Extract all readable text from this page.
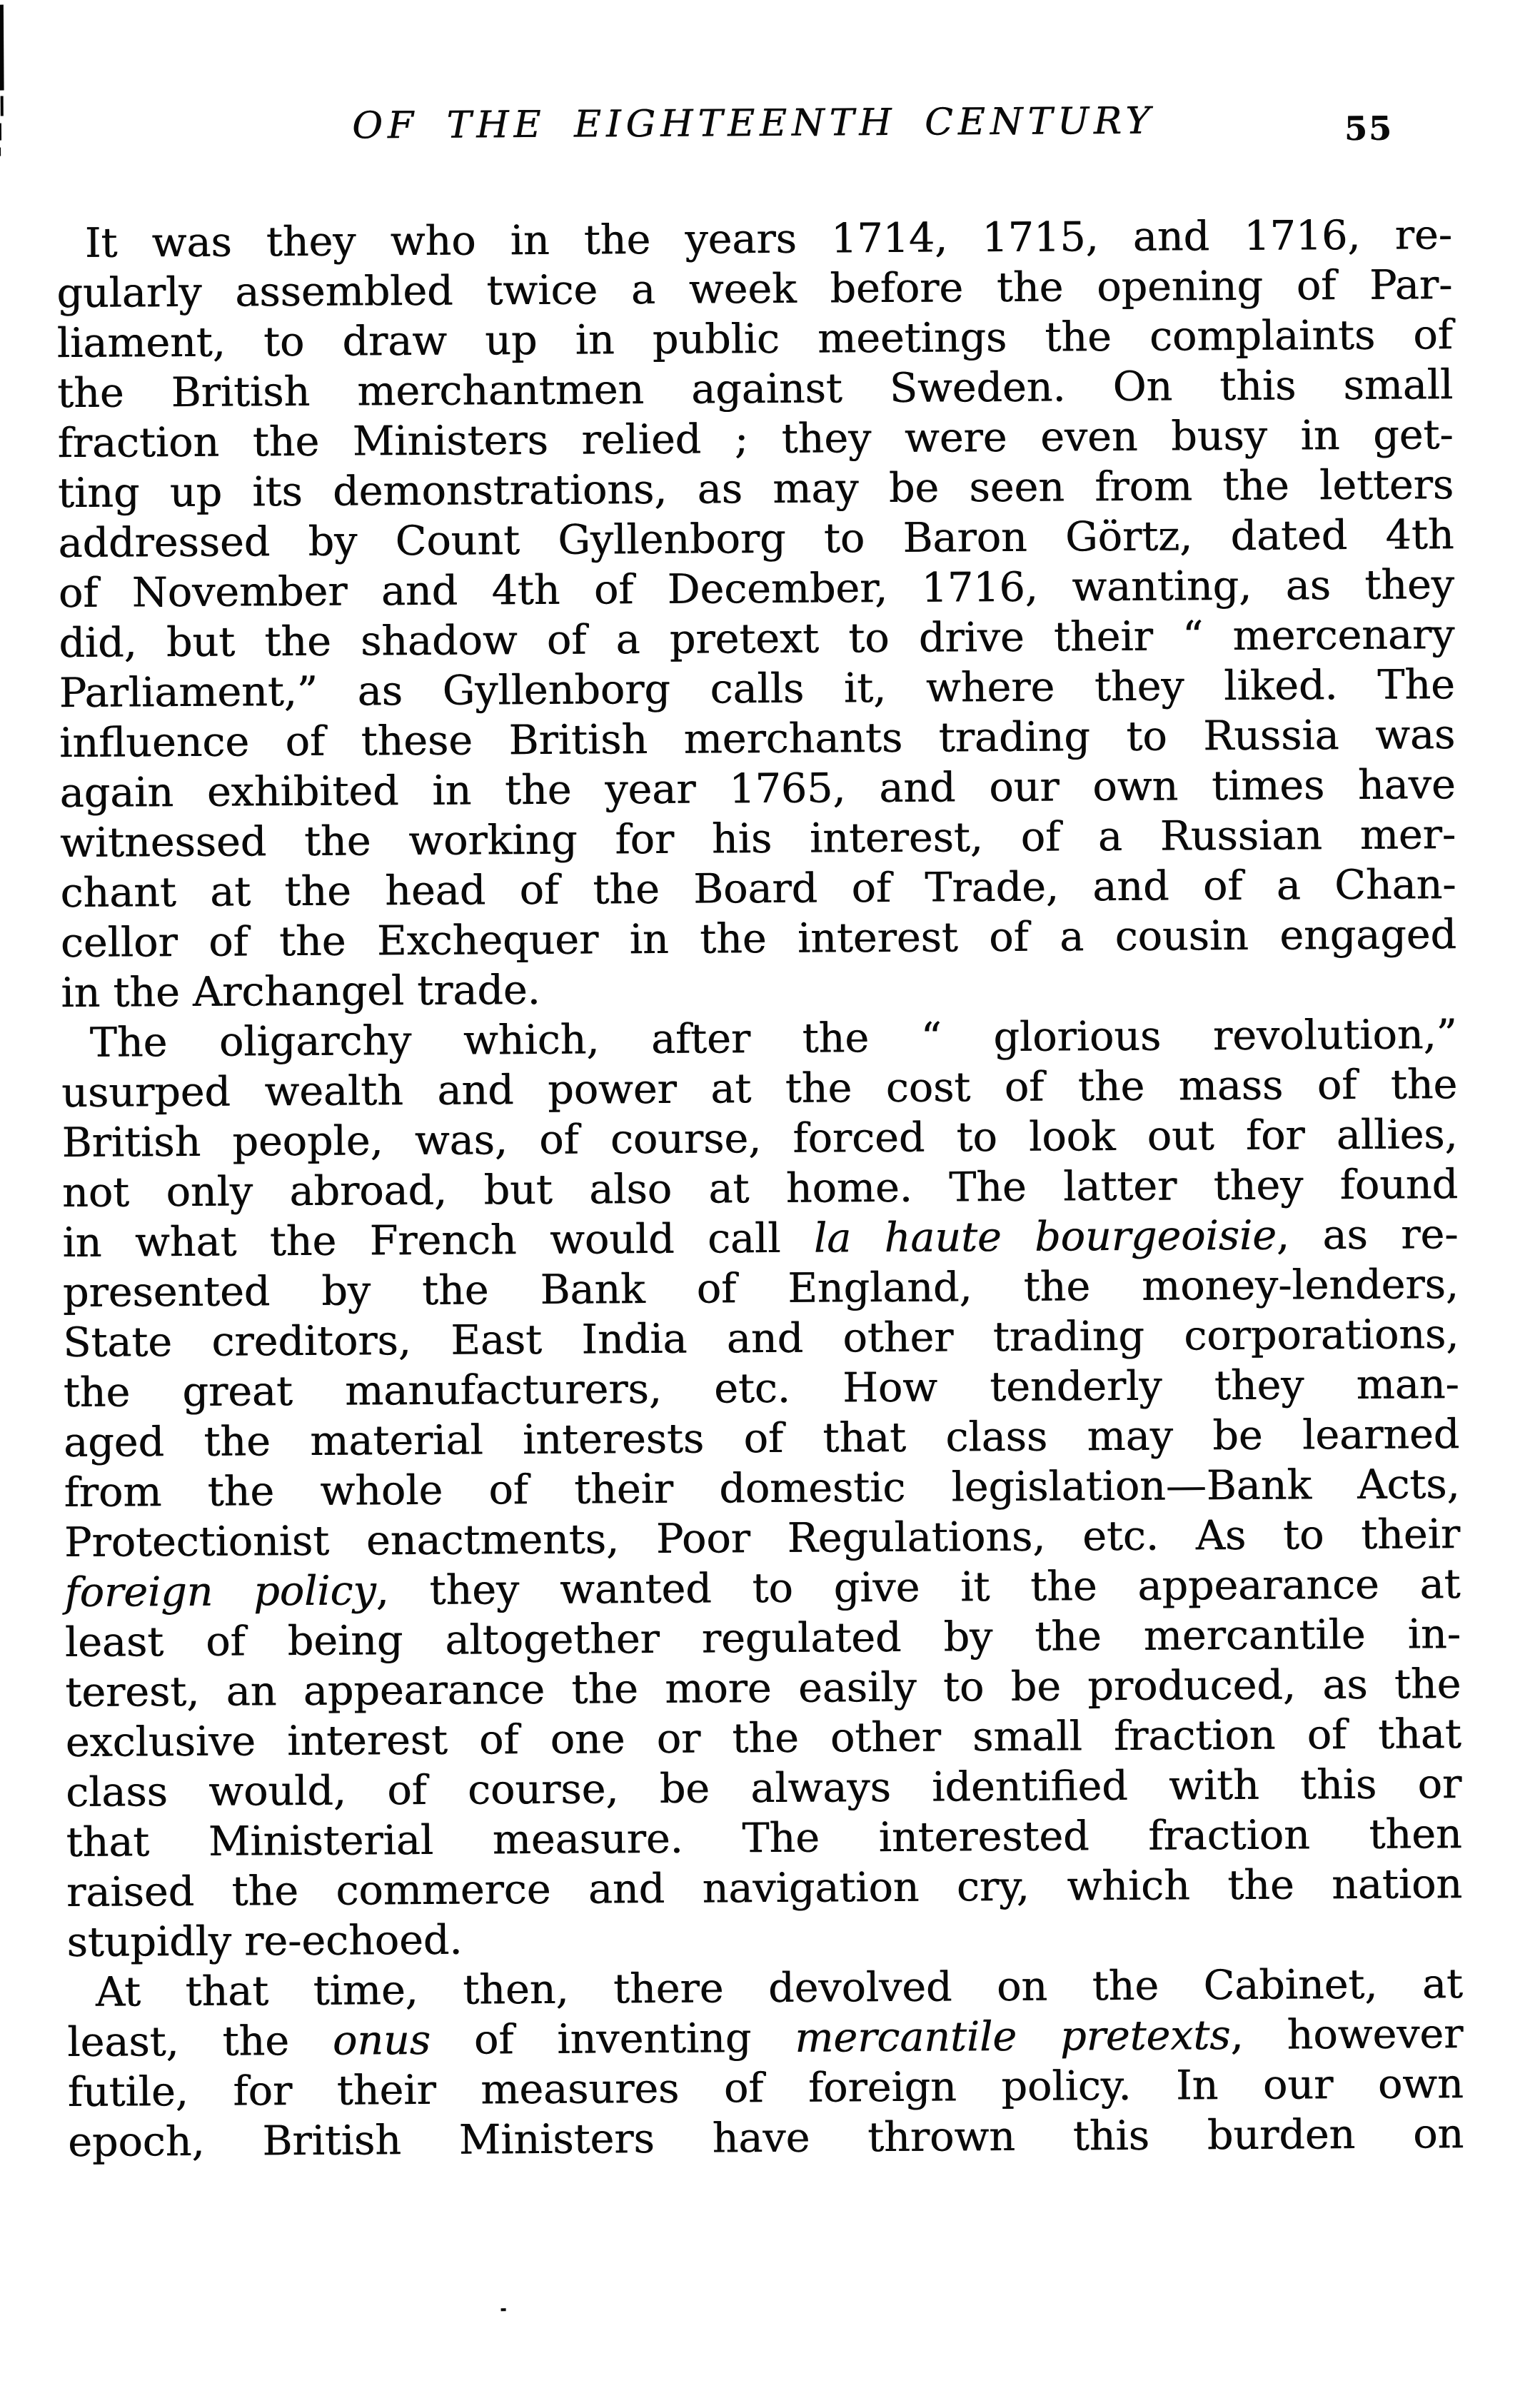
OF THE EIGHTEENTH CENTURY	55
It was they who in the years 1714, 1715, and 1716, re-
gularly assembled twice a week before the opening of Par-
liament, to draw up in public meetings the complaints of
the British merchantmen against Sweden. On this small
fraction the Ministers relied ; they were even busy in get-
ting up its demonstrations, as may be seen from the letters
addressed by Count Gyllenborg to Baron Görtz, dated 4th
of November and 4th of December, 1716, wanting, as they
did, but the shadow of a pretext to drive their “ mercenary
Parliament,” as Gyllenborg calls it, where they liked. The
influence of these British merchants trading to Russia was
again exhibited in the year 1765, and our own times have
witnessed the working for his interest, of a Russian mer-
chant at the head of the Board of Trade, and of a Chan-
cellor of the Exchequer in the interest of a cousin engaged
in the Archangel trade.
The oligarchy which, after the “ glorious revolution,”
usurped wealth and power at the cost of the mass of the
British people, was, of course, forced to look out for allies,
not only abroad, but also at home. The latter they found
in what the French would call la haute bourgeoisie, as re-
presented by the Bank of England, the money-lenders,
State creditors, East India and other trading corporations,
the great manufacturers, etc. How tenderly they man-
aged the material interests of that class may be learned
from the whole of their domestic legislation—Bank Acts,
Protectionist enactments, Poor Regulations, etc. As to their
foreign policy, they wanted to give it the appearance at
least of being altogether regulated by the mercantile in-
terest, an appearance the more easily to be produced, as the
exclusive interest of one or the other small fraction of that
class would, of course, be always identified with this or
that Ministerial measure. The interested fraction then
raised the commerce and navigation cry, which the nation
stupidly re-echoed.
At that time, then, there devolved on the Cabinet, at
least, the onus of inventing mercantile pretexts, however
futile, for their measures of foreign policy. In our own
epoch, British Ministers have thrown this burden on
